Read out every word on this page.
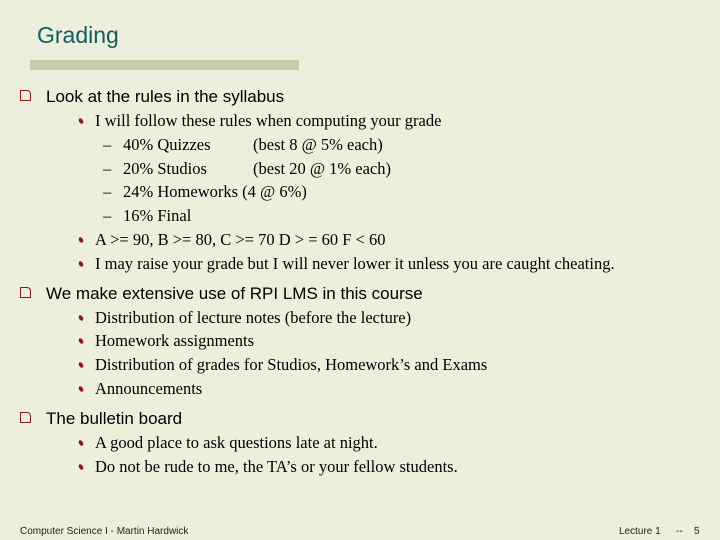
Grading
Look at the rules in the syllabus
I will follow these rules when computing your grade
– 40% Quizzes	(best 8 @ 5% each)
– 20% Studios	(best 20 @ 1% each)
– 24% Homeworks (4 @ 6%)
– 16% Final
A >= 90, B >= 80, C >= 70 D > = 60 F < 60
I may raise your grade but I will never lower it unless you are caught cheating.
We make extensive use of RPI LMS in this course
Distribution of lecture notes (before the lecture)
Homework assignments
Distribution of grades for Studios, Homework’s and Exams
Announcements
The bulletin board
A good place to ask questions late at night.
Do not be rude to me, the TA’s or your fellow students.
Computer Science I - Martin Hardwick	Lecture 1 -- 5
